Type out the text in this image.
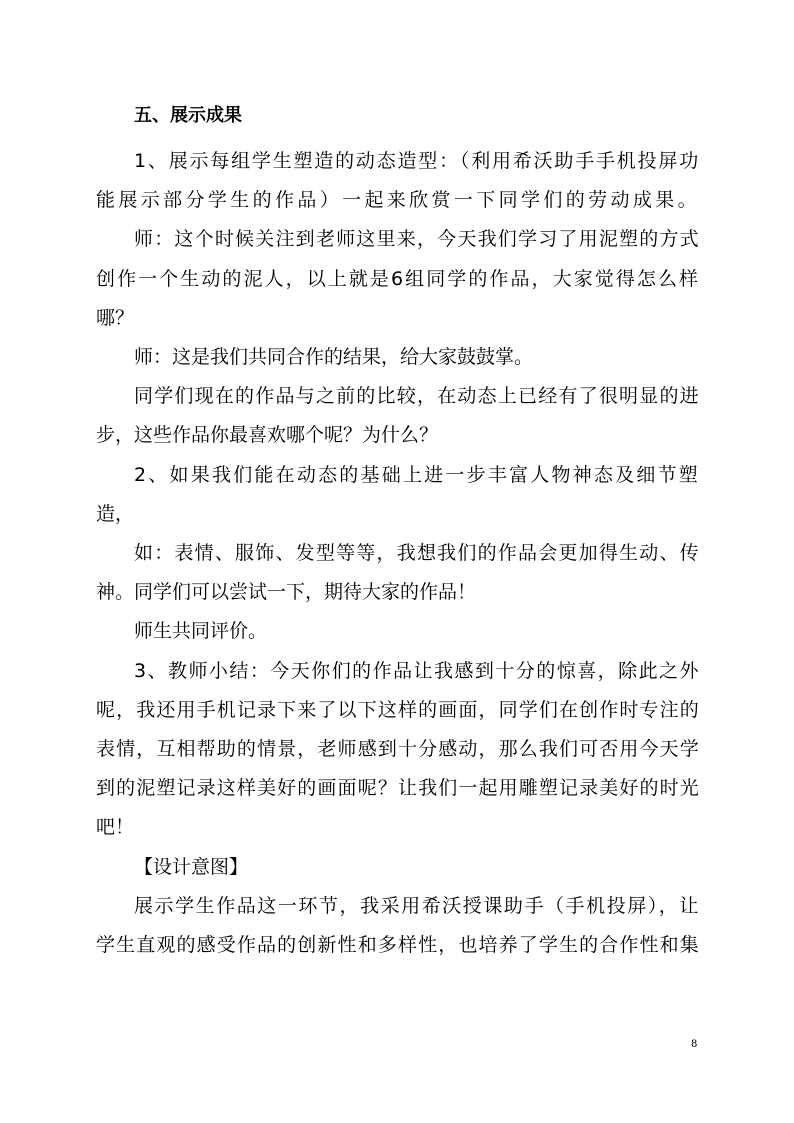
五、展示成果
1、展示每组学生塑造的动态造型：（利用希沃助手手机投屏功
能展示部分学生的作品）一起来欣赏一下同学们的劳动成果。
师：这个时候关注到老师这里来，今天我们学习了用泥塑的方式
创作一个生动的泥人，以上就是6组同学的作品，大家觉得怎么样
哪？
师：这是我们共同合作的结果，给大家鼓鼓掌。
同学们现在的作品与之前的比较，在动态上已经有了很明显的进
步，这些作品你最喜欢哪个呢？为什么？
2、如果我们能在动态的基础上进一步丰富人物神态及细节塑
造，
如：表情、服饰、发型等等，我想我们的作品会更加得生动、传
神。同学们可以尝试一下，期待大家的作品！
师生共同评价。
3、教师小结：今天你们的作品让我感到十分的惊喜，除此之外
呢，我还用手机记录下来了以下这样的画面，同学们在创作时专注的
表情，互相帮助的情景，老师感到十分感动，那么我们可否用今天学
到的泥塑记录这样美好的画面呢？让我们一起用雕塑记录美好的时光
吧！
【设计意图】
展示学生作品这一环节，我采用希沃授课助手（手机投屏），让
学生直观的感受作品的创新性和多样性，也培养了学生的合作性和集
8
